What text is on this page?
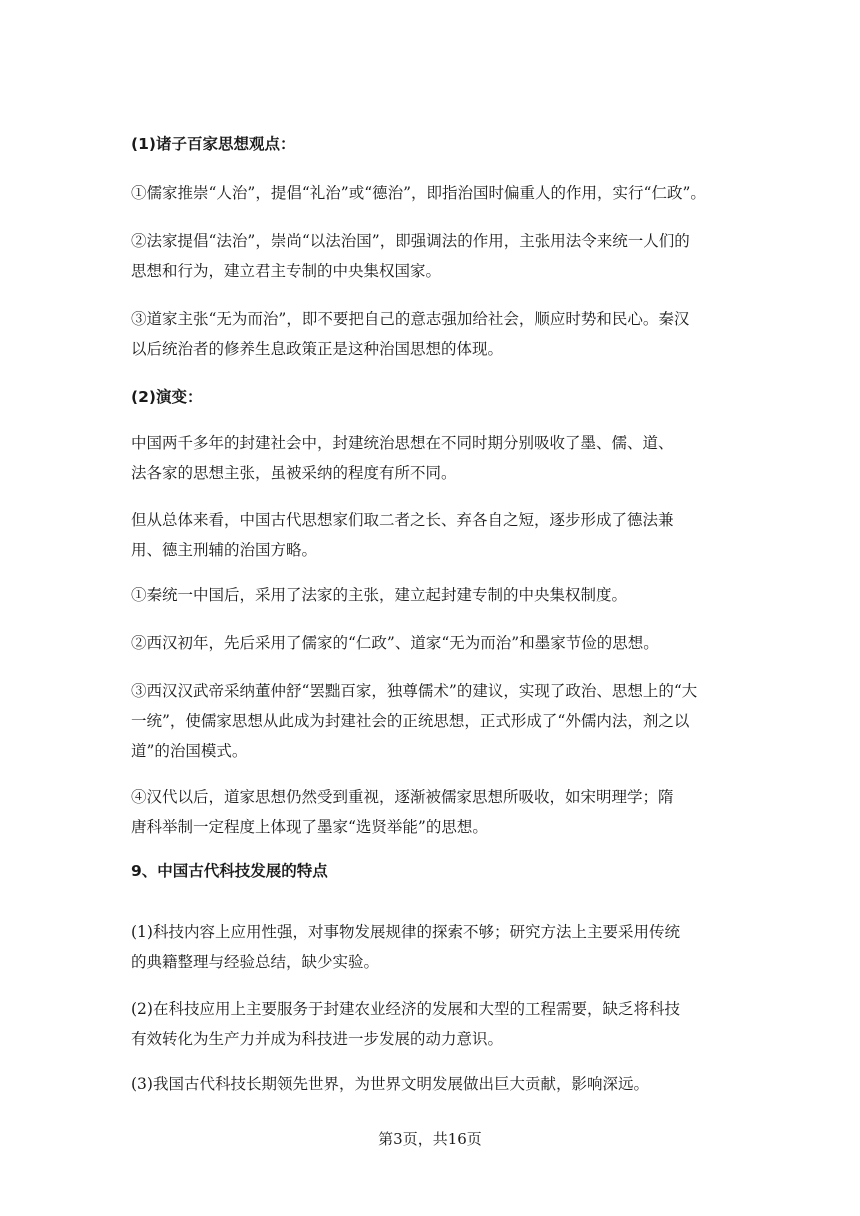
(1)诸子百家思想观点：
①儒家推崇“人治”，提倡“礼治”或“德治”，即指治国时偏重人的作用，实行“仁政”。
②法家提倡“法治”，崇尚“以法治国”，即强调法的作用，主张用法令来统一人们的
思想和行为，建立君主专制的中央集权国家。
③道家主张“无为而治”，即不要把自己的意志强加给社会，顺应时势和民心。秦汉
以后统治者的修养生息政策正是这种治国思想的体现。
(2)演变：
中国两千多年的封建社会中，封建统治思想在不同时期分别吸收了墨、儒、道、
法各家的思想主张，虽被采纳的程度有所不同。
但从总体来看，中国古代思想家们取二者之长、弃各自之短，逐步形成了德法兼
用、德主刑辅的治国方略。
①秦统一中国后，采用了法家的主张，建立起封建专制的中央集权制度。
②西汉初年，先后采用了儒家的“仁政”、道家“无为而治”和墨家节俭的思想。
③西汉汉武帝采纳董仲舒“罢黜百家，独尊儒术”的建议，实现了政治、思想上的“大
一统”，使儒家思想从此成为封建社会的正统思想，正式形成了“外儒内法，剂之以
道”的治国模式。
④汉代以后，道家思想仍然受到重视，逐渐被儒家思想所吸收，如宋明理学；隋
唐科举制一定程度上体现了墨家“选贤举能”的思想。
9、中国古代科技发展的特点
(1)科技内容上应用性强，对事物发展规律的探索不够；研究方法上主要采用传统
的典籍整理与经验总结，缺少实验。
(2)在科技应用上主要服务于封建农业经济的发展和大型的工程需要，缺乏将科技
有效转化为生产力并成为科技进一步发展的动力意识。
(3)我国古代科技长期领先世界，为世界文明发展做出巨大贡献，影响深远。
第3页，共16页
